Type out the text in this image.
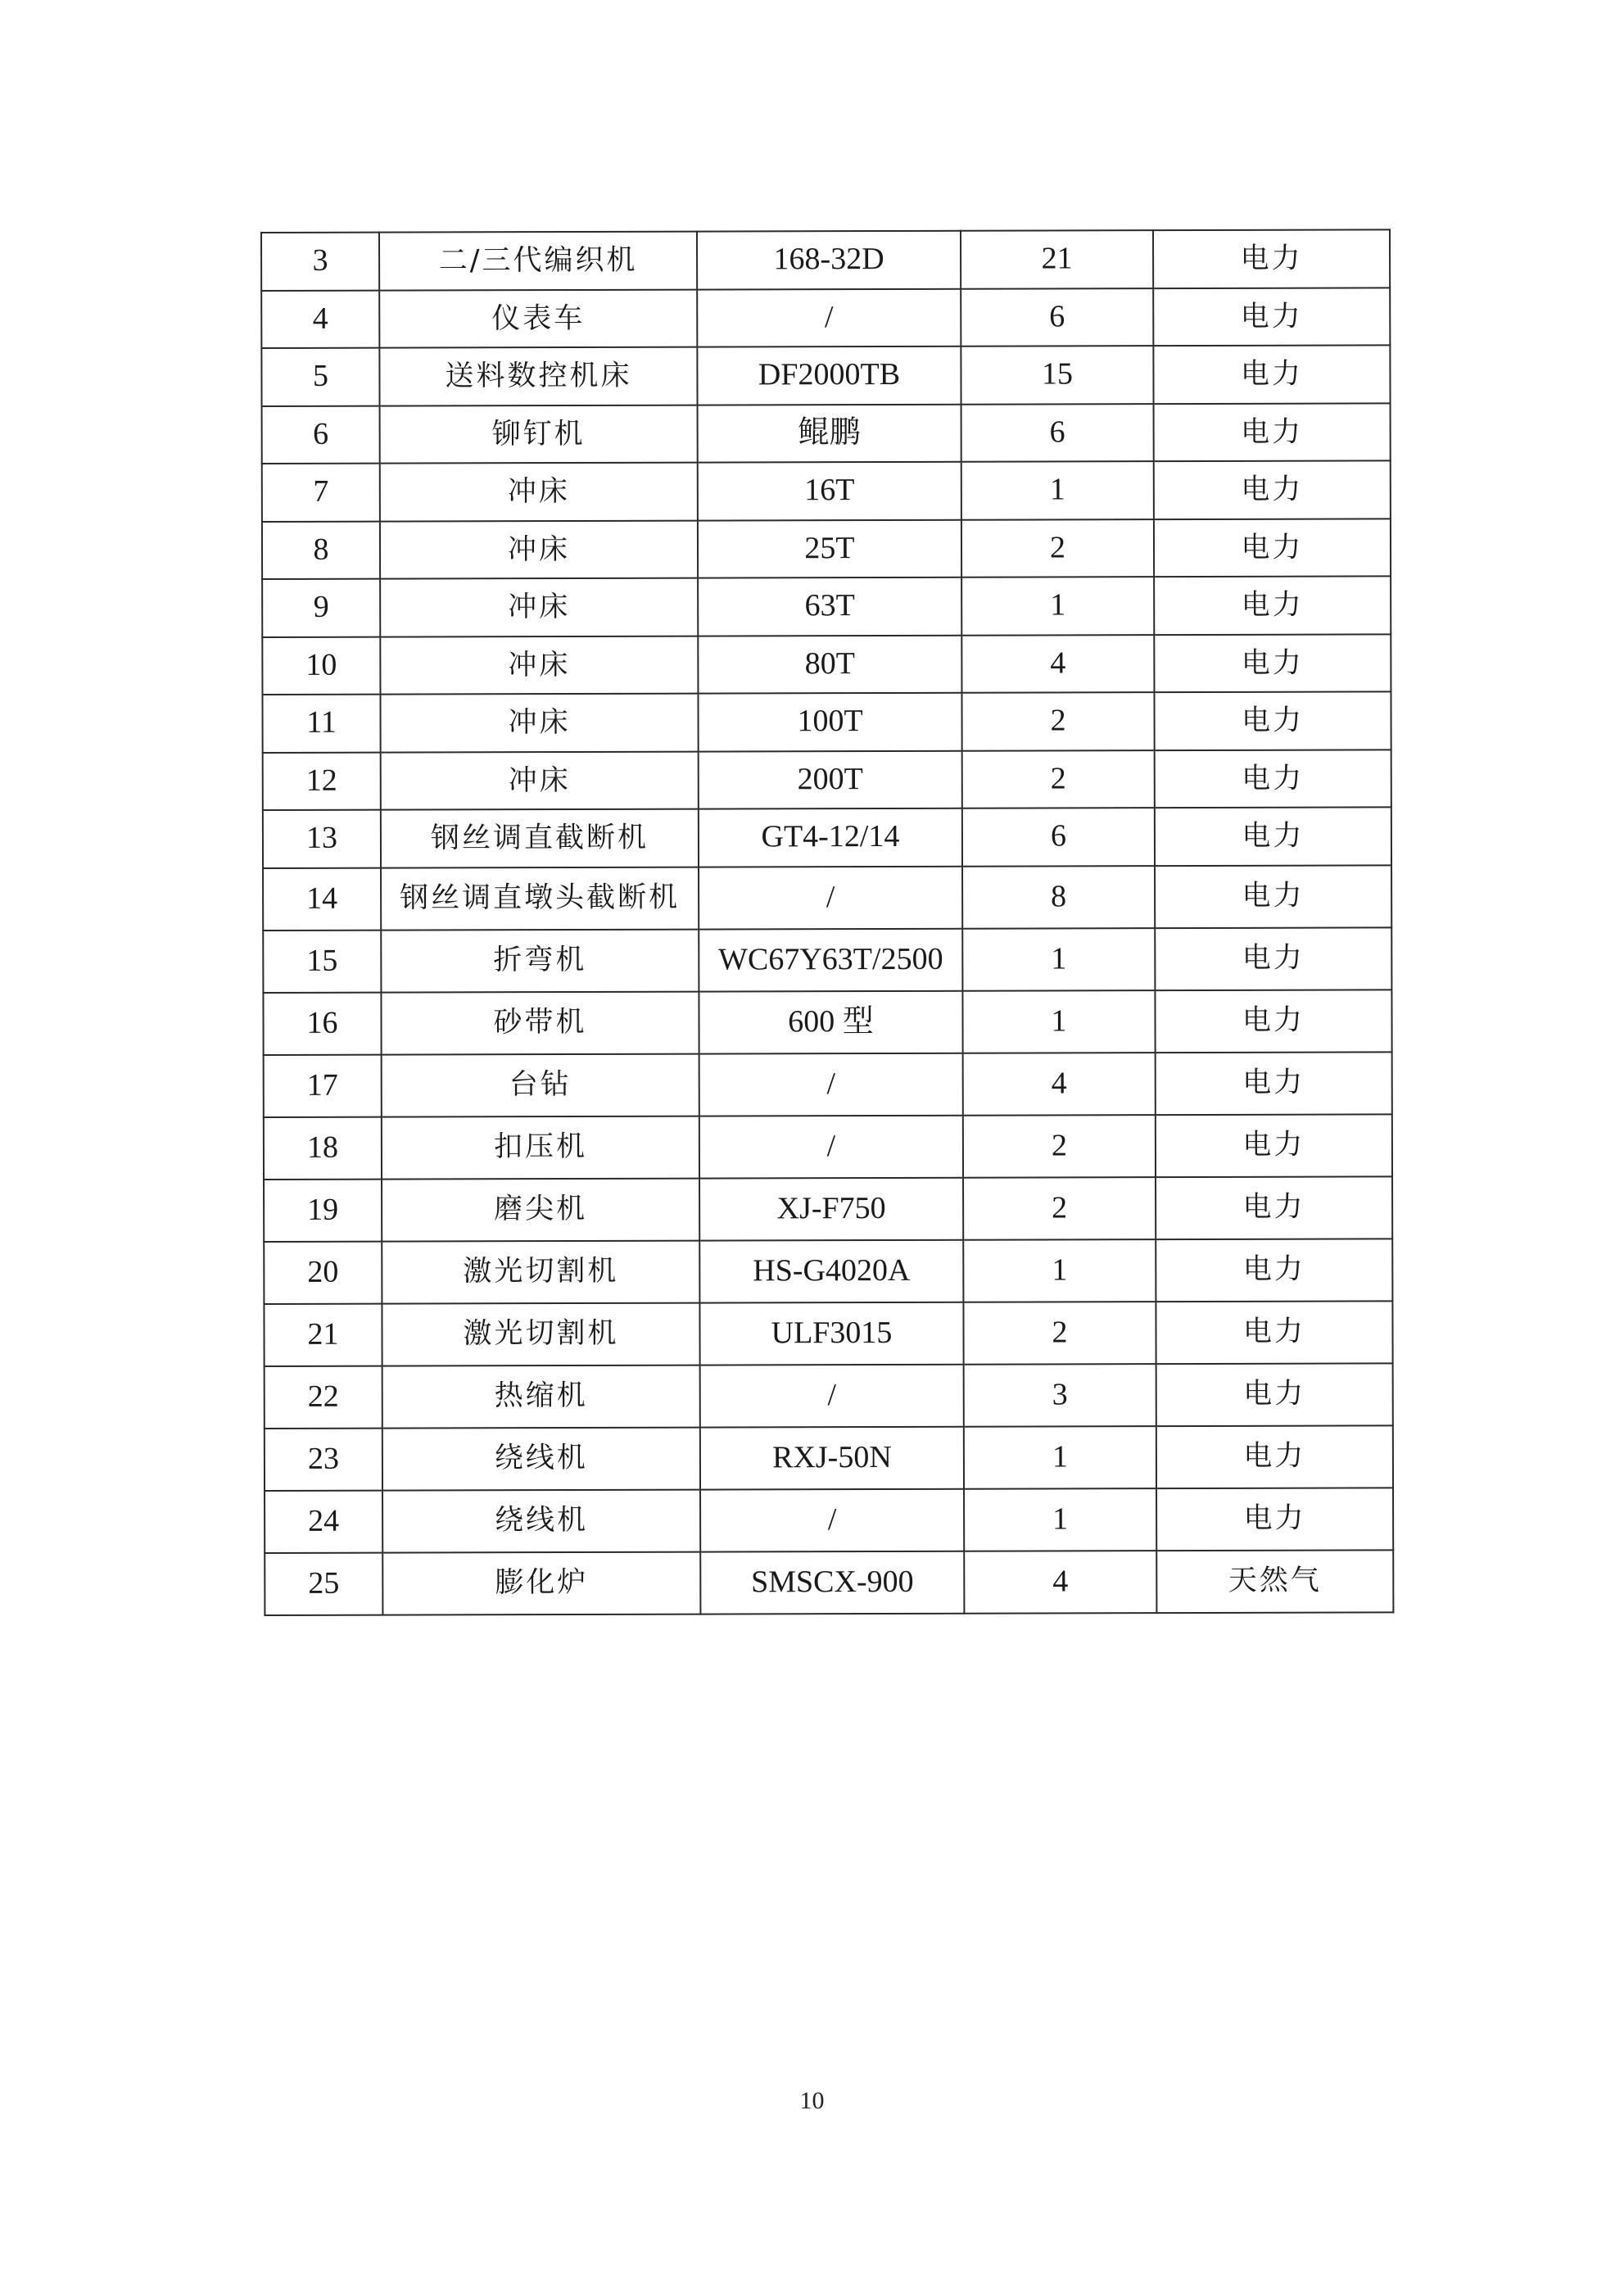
3	二/三代编织机	168-32D	21	电力
4	仪表车	/	6	电力
5	送料数控机床	DF2000TB	15	电力
6	铆钉机	鲲鹏	6	电力
7	冲床	16T	1	电力
8	冲床	25T	2	电力
9	冲床	63T	1	电力
10	冲床	80T	4	电力
11	冲床	100T	2	电力
12	冲床	200T	2	电力
13	钢丝调直截断机	GT4-12/14	6	电力
14	钢丝调直墩头截断机	/	8	电力
15	折弯机	WC67Y63T/2500	1	电力
16	砂带机	600 型	1	电力
17	台钻	/	4	电力
18	扣压机	/	2	电力
19	磨尖机	XJ-F750	2	电力
20	激光切割机	HS-G4020A	1	电力
21	激光切割机	ULF3015	2	电力
22	热缩机	/	3	电力
23	绕线机	RXJ-50N	1	电力
24	绕线机	/	1	电力
25	膨化炉	SMSCX-900	4	天然气
10
